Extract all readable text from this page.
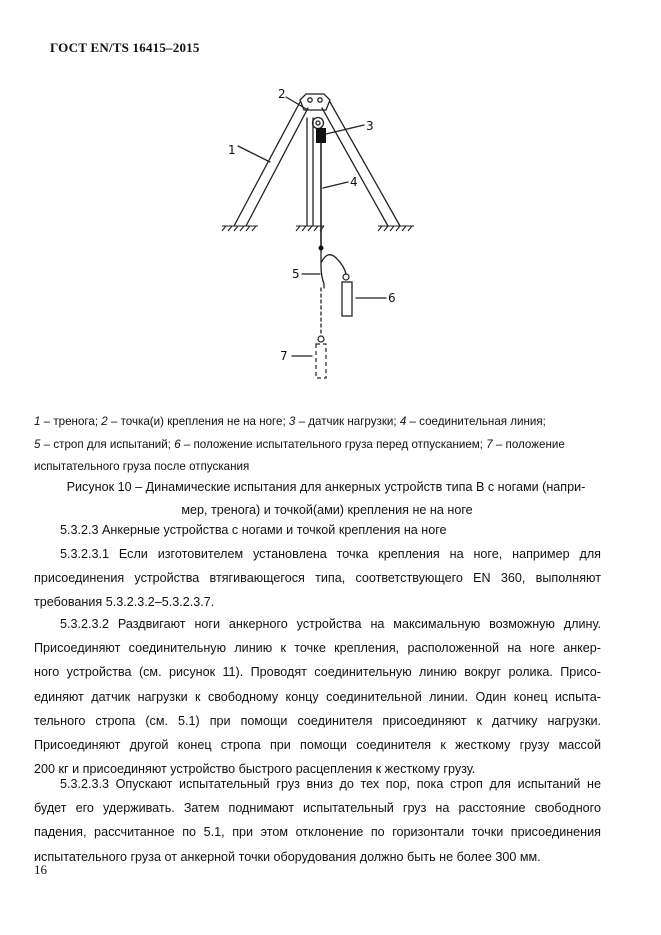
ГОСТ EN/TS 16415–2015
1
2
3
4
5
6
7
1 – тренога; 2 – точка(и) крепления не на ноге; 3 – датчик нагрузки; 4 – соединительная линия;
5 – строп для испытаний; 6 – положение испытательного груза перед отпусканием; 7 – положение
испытательного груза после отпускания
Рисунок 10 – Динамические испытания для анкерных устройств типа В с ногами (напри-
мер, тренога) и точкой(ами) крепления не на ноге

5.3.2.3 Анкерные устройства с ногами и точкой крепления на ноге

5.3.2.3.1 Если изготовителем установлена точка крепления на ноге, например для
присоединения устройства втягивающегося типа, соответствующего EN 360, выполняют
требования 5.3.2.3.2–5.3.2.3.7.

5.3.2.3.2 Раздвигают ноги анкерного устройства на максимальную возможную длину.
Присоединяют соединительную линию к точке крепления, расположенной на ноге анкер-
ного устройства (см. рисунок 11). Проводят соединительную линию вокруг ролика. Присо-
единяют датчик нагрузки к свободному концу соединительной линии. Один конец испыта-
тельного стропа (см. 5.1) при помощи соединителя присоединяют к датчику нагрузки.
Присоединяют другой конец стропа при помощи соединителя к жесткому грузу массой
200 кг и присоединяют устройство быстрого расцепления к жесткому грузу.

5.3.2.3.3 Опускают испытательный груз вниз до тех пор, пока строп для испытаний не
будет его удерживать. Затем поднимают испытательный груз на расстояние свободного
падения, рассчитанное по 5.1, при этом отклонение по горизонтали точки присоединения
испытательного груза от анкерной точки оборудования должно быть не более 300 мм.

16
